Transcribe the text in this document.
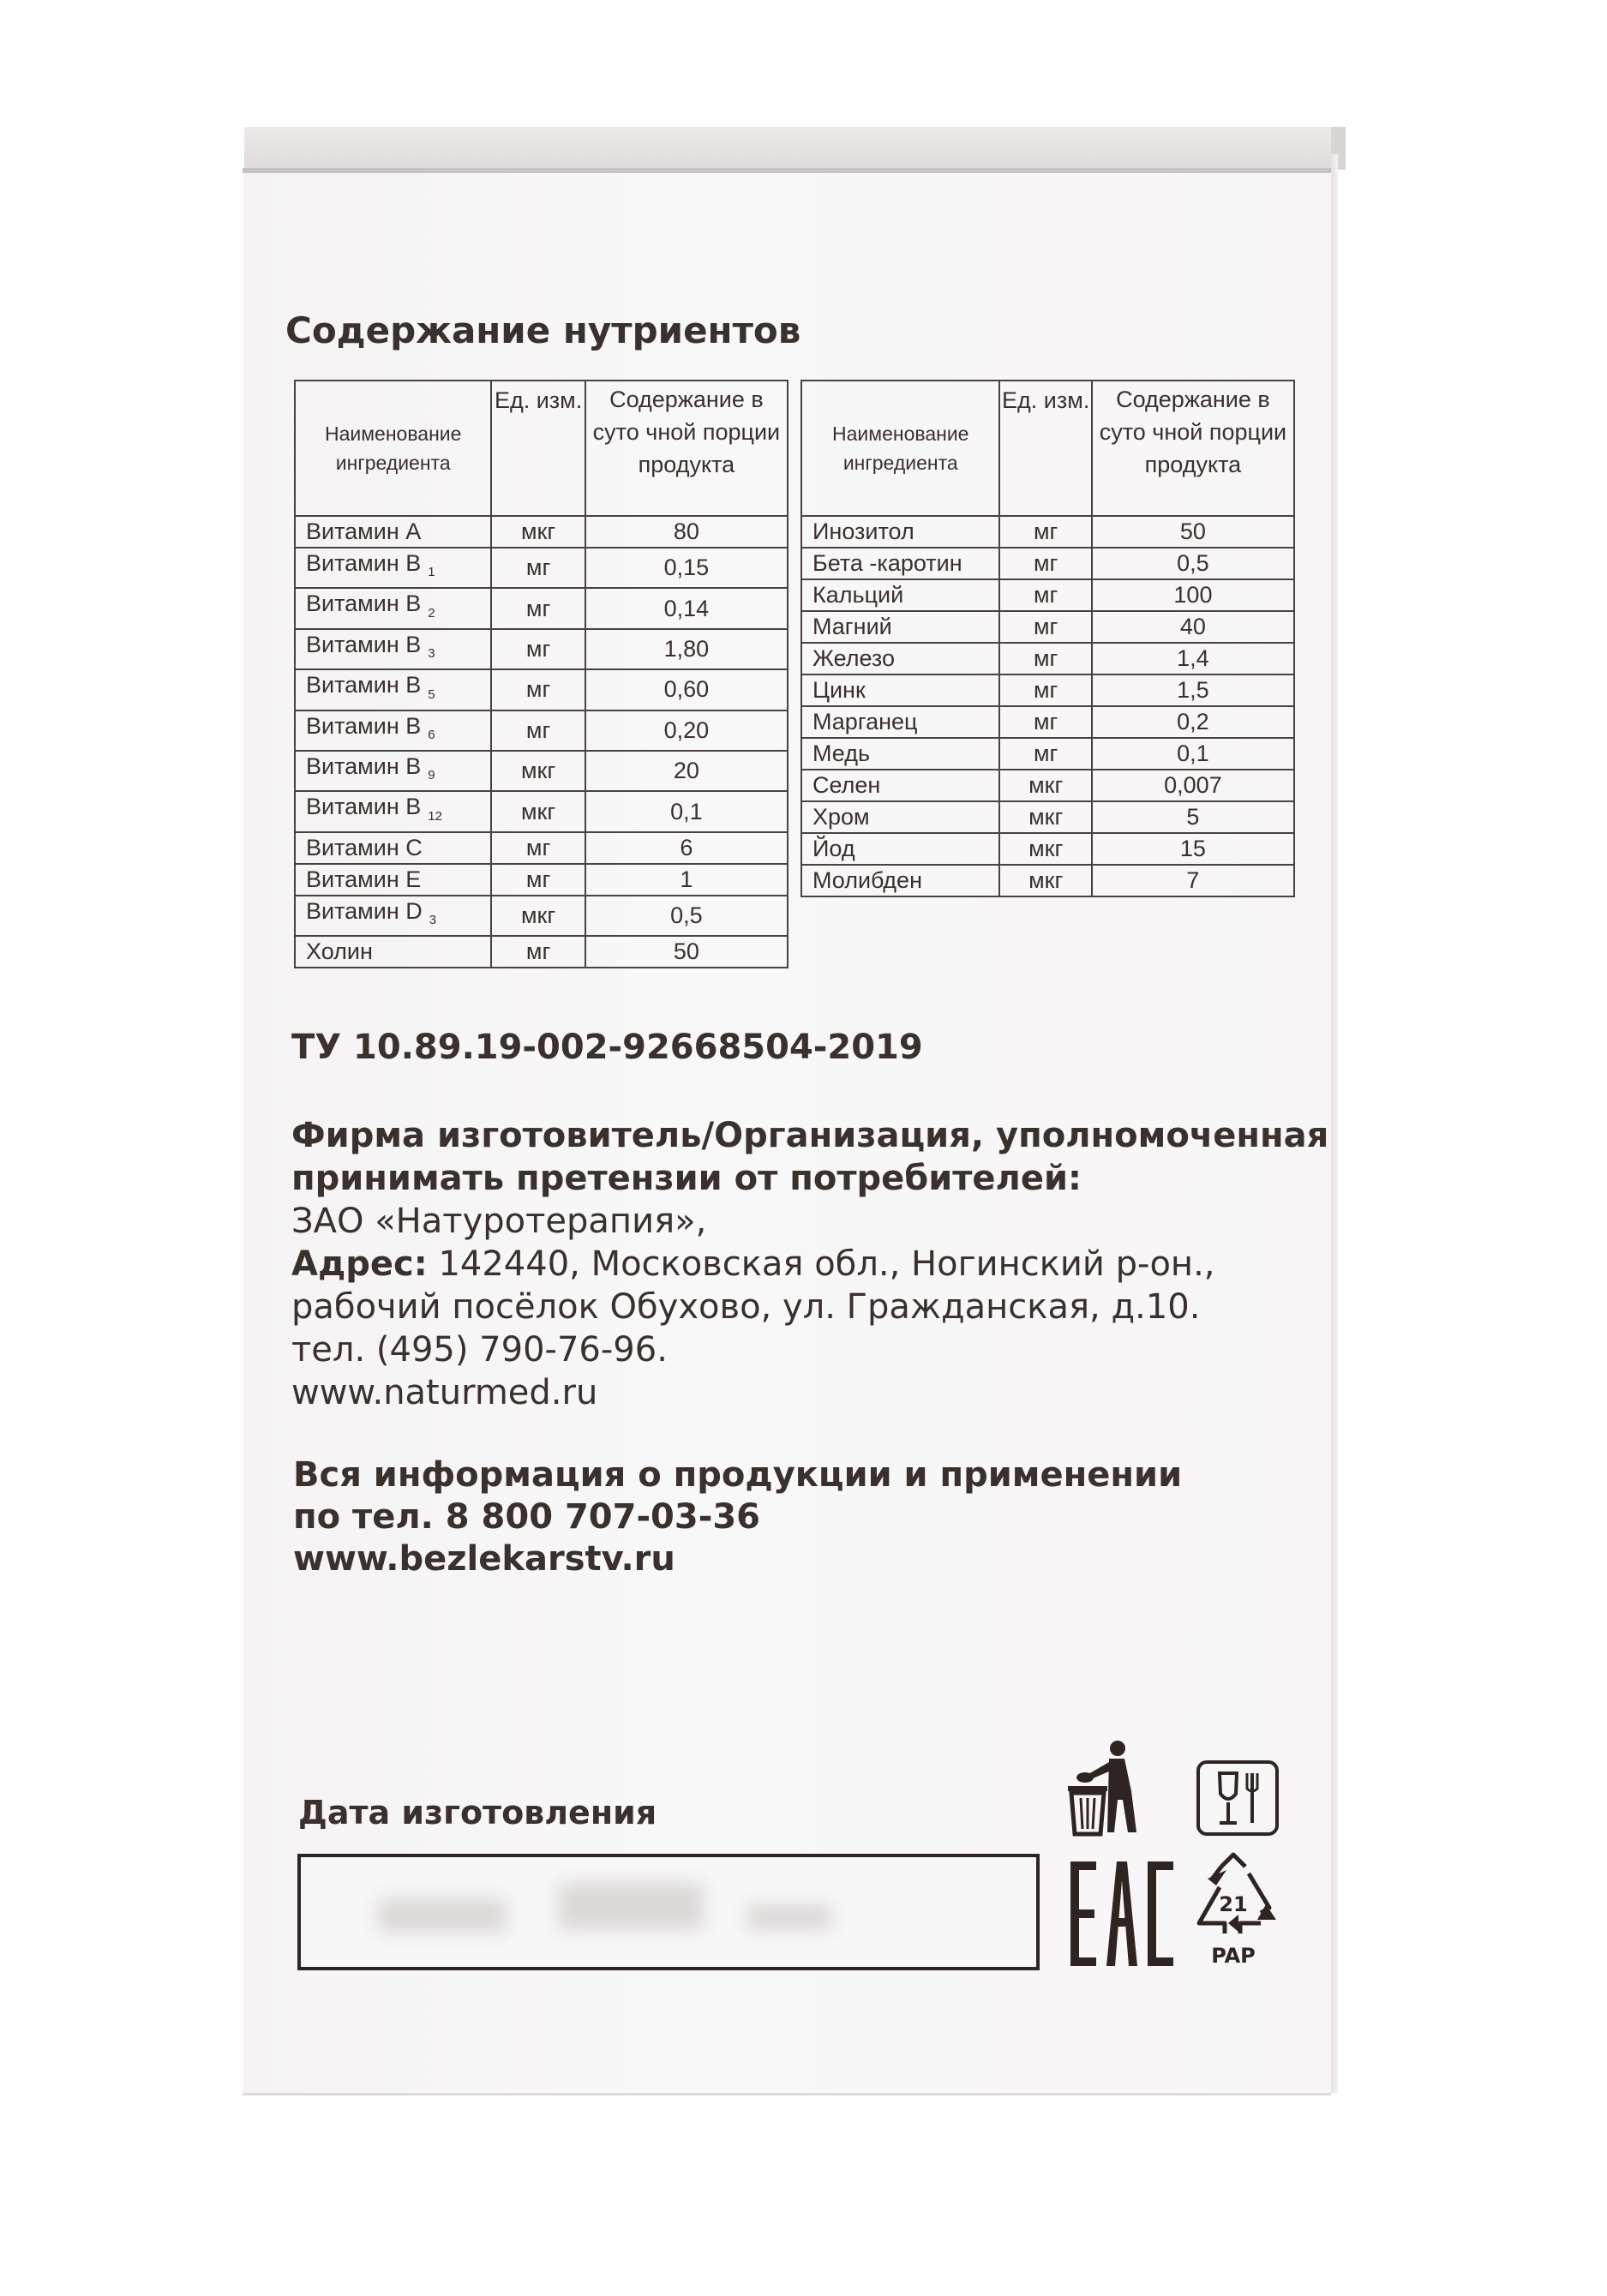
Содержание нутриентов
Наименование ингредиента	Ед. изм.	Содержание в суто чной порции продукта
Витамин А	мкг	80
Витамин В $_1$	мг	0,15
Витамин В $_2$	мг	0,14
Витамин В $_3$	мг	1,80
Витамин В $_5$	мг	0,60
Витамин В $_6$	мг	0,20
Витамин В $_9$	мкг	20
Витамин В $_{12}$	мкг	0,1
Витамин С	мг	6
Витамин Е	мг	1
Витамин D $_3$	мкг	0,5
Холин	мг	50
Наименование ингредиента	Ед. изм.	Содержание в суто чной порции продукта
Инозитол	мг	50
Бета -каротин	мг	0,5
Кальций	мг	100
Магний	мг	40
Железо	мг	1,4
Цинк	мг	1,5
Марганец	мг	0,2
Медь	мг	0,1
Селен	мкг	0,007
Хром	мкг	5
Йод	мкг	15
Молибден	мкг	7
ТУ 10.89.19-002-92668504-2019
Фирма изготовитель/Организация, уполномоченная
принимать претензии от потребителей:
ЗАО «Натуротерапия»,
Адрес: 142440, Московская обл., Ногинский р-он.,
рабочий посёлок Обухово, ул. Гражданская, д.10.
тел. (495) 790-76-96.
www.naturmed.ru
Вся информация о продукции и применении
по тел. 8 800 707-03-36
www.bezlekarstv.ru
Дата изготовления
21
PAP
